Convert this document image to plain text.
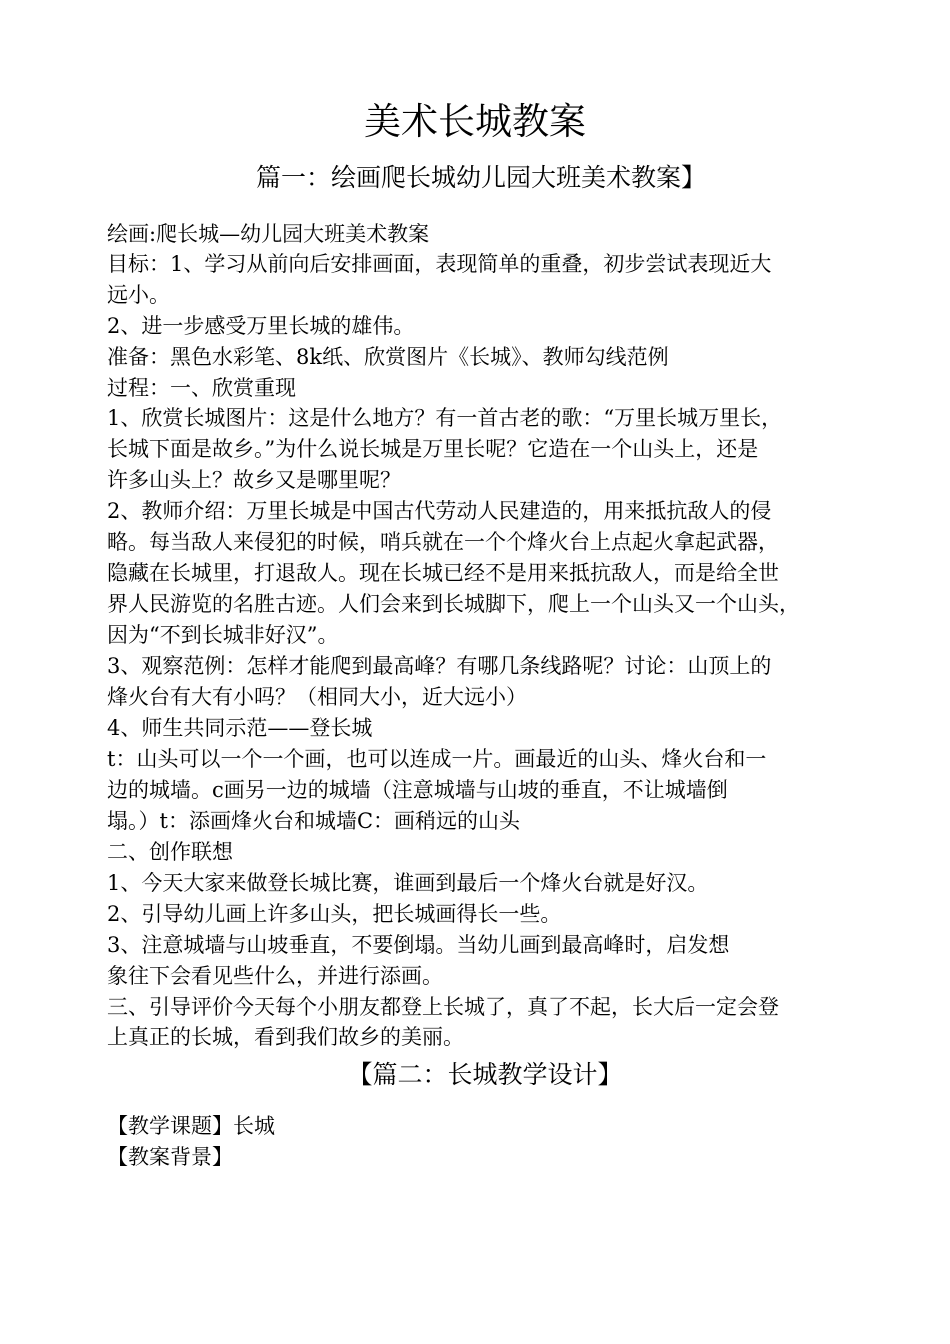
美术长城教案
篇一：绘画爬长城幼儿园大班美术教案】
绘画:爬长城—幼儿园大班美术教案
目标：1、学习从前向后安排画面，表现简单的重叠，初步尝试表现近大
远小。
2、进一步感受万里长城的雄伟。
准备：黑色水彩笔、8k纸、欣赏图片《长城》、教师勾线范例
过程：一、欣赏重现
1、欣赏长城图片：这是什么地方？有一首古老的歌：“万里长城万里长，
长城下面是故乡。”为什么说长城是万里长呢？它造在一个山头上，还是
许多山头上？故乡又是哪里呢？
2、教师介绍：万里长城是中国古代劳动人民建造的，用来抵抗敌人的侵
略。每当敌人来侵犯的时候，哨兵就在一个个烽火台上点起火拿起武器，
隐藏在长城里，打退敌人。现在长城已经不是用来抵抗敌人，而是给全世
界人民游览的名胜古迹。人们会来到长城脚下，爬上一个山头又一个山头，
因为“不到长城非好汉”。
3、观察范例：怎样才能爬到最高峰？有哪几条线路呢？讨论：山顶上的
烽火台有大有小吗？（相同大小，近大远小）
4、师生共同示范——登长城
t：山头可以一个一个画，也可以连成一片。画最近的山头、烽火台和一
边的城墙。c画另一边的城墙（注意城墙与山坡的垂直，不让城墙倒
塌。）t：添画烽火台和城墙C：画稍远的山头
二、创作联想
1、今天大家来做登长城比赛，谁画到最后一个烽火台就是好汉。
2、引导幼儿画上许多山头，把长城画得长一些。
3、注意城墙与山坡垂直，不要倒塌。当幼儿画到最高峰时，启发想
象往下会看见些什么，并进行添画。
三、引导评价今天每个小朋友都登上长城了，真了不起，长大后一定会登
上真正的长城，看到我们故乡的美丽。
【篇二：长城教学设计】
【教学课题】长城
【教案背景】
